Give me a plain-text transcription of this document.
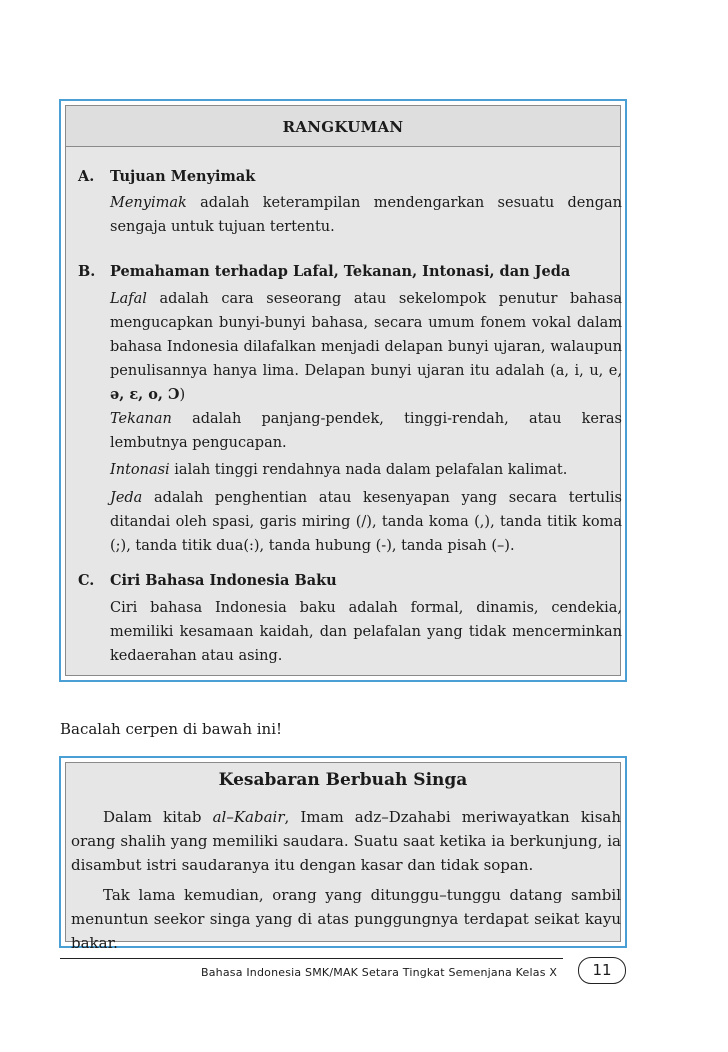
RANGKUMAN
A. Tujuan Menyimak
Menyimak adalah keterampilan mendengarkan sesuatu dengan sengaja untuk tujuan tertentu.
B. Pemahaman terhadap Lafal, Tekanan, Intonasi, dan Jeda
Lafal adalah cara seseorang atau sekelompok penutur bahasa mengucapkan bunyi-bunyi bahasa, secara umum fonem vokal dalam bahasa Indonesia dilafalkan menjadi delapan bunyi ujaran, walaupun penulisannya hanya lima. Delapan bunyi ujaran itu adalah (a, i, u, e, ə, ε, o, Ɔ)
Tekanan adalah panjang-pendek, tinggi-rendah, atau keras lembutnya pengucapan.
Intonasi ialah tinggi rendahnya nada dalam pelafalan kalimat.
Jeda adalah penghentian atau kesenyapan yang secara tertulis ditandai oleh spasi, garis miring (/), tanda koma (,), tanda titik koma (;), tanda titik dua(:), tanda hubung (-), tanda pisah (–).
C. Ciri Bahasa Indonesia Baku
Ciri bahasa Indonesia baku adalah formal, dinamis, cendekia, memiliki kesamaan kaidah, dan pelafalan yang tidak mencerminkan kedaerahan atau asing.
Bacalah cerpen di bawah ini!
Kesabaran Berbuah Singa
Dalam kitab al–Kabair, Imam adz–Dzahabi meriwayatkan kisah orang shalih yang memiliki saudara. Suatu saat ketika ia berkunjung, ia disambut istri saudaranya itu dengan kasar dan tidak sopan.
Tak lama kemudian, orang yang ditunggu–tunggu datang sambil menuntun seekor singa yang di atas punggungnya terdapat seikat kayu bakar.
Bahasa Indonesia SMK/MAK Setara Tingkat Semenjana Kelas X	11
